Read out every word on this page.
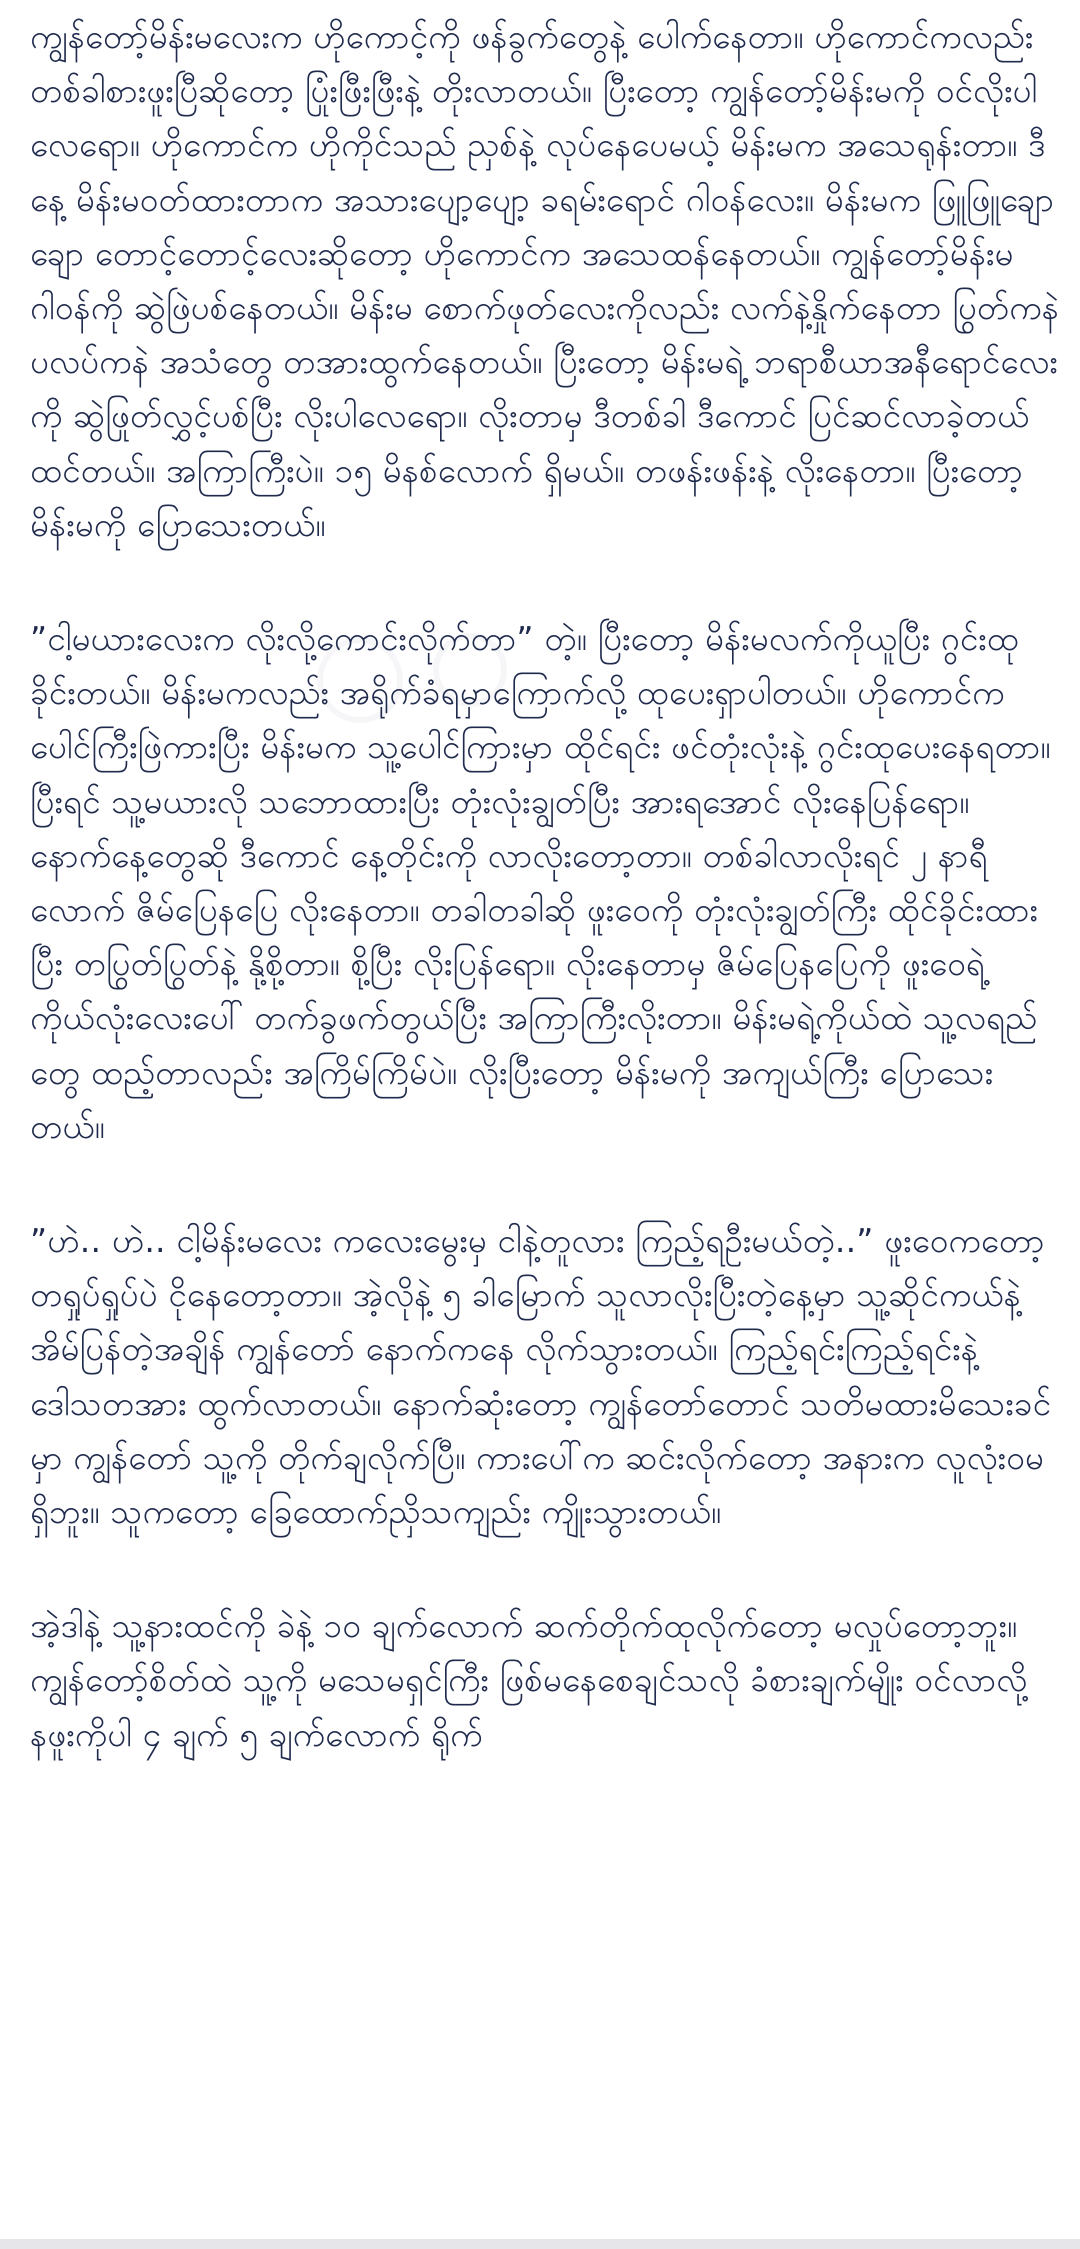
ကျွန်တော့်မိန်းမလေးက ဟိုကောင့်ကို ဖန်ခွက်တွေနဲ့ ပေါက်နေတာ။ ဟိုကောင်ကလည်း တစ်ခါစားဖူးပြီဆိုတော့ ပြုံးဖြီးဖြီးနဲ့ တိုးလာတယ်။ ပြီးတော့ ကျွန်တော့်မိန်းမကို ဝင်လိုးပါလေရော။ ဟိုကောင်က ဟိုကိုင်သည် ညှစ်နဲ့ လုပ်နေပေမယ့် မိန်းမက အသေရုန်းတာ။ ဒီနေ့ မိန်းမဝတ်ထားတာက အသားပျော့ပျော့ ခရမ်းရောင် ဂါဝန်လေး။ မိန်းမက ဖြူဖြူချောချော တောင့်တောင့်လေးဆိုတော့ ဟိုကောင်က အသေထန်နေတယ်။ ကျွန်တော့်မိန်းမ ဂါဝန်ကို ဆွဲဖြဲပစ်နေတယ်။ မိန်းမ စောက်ဖုတ်လေးကိုလည်း လက်နဲ့နှိုက်နေတာ ပြွတ်ကနဲ ပလပ်ကနဲ အသံတွေ တအားထွက်နေတယ်။ ပြီးတော့ မိန်းမရဲ့ ဘရာစီယာအနီရောင်လေးကို ဆွဲဖြုတ်လွှင့်ပစ်ပြီး လိုးပါလေရော။ လိုးတာမှ ဒီတစ်ခါ ဒီကောင် ပြင်ဆင်လာခဲ့တယ်ထင်တယ်။ အကြာကြီးပဲ။ ၁၅ မိနစ်လောက် ရှိမယ်။ တဖန်းဖန်းနဲ့ လိုးနေတာ။ ပြီးတော့ မိန်းမကို ပြောသေးတယ်။

”ငါ့မယားလေးက လိုးလို့ကောင်းလိုက်တာ” တဲ့။ ပြီးတော့ မိန်းမလက်ကိုယူပြီး ဂွင်းထုခိုင်းတယ်။ မိန်းမကလည်း အရိုက်ခံရမှာကြောက်လို့ ထုပေးရှာပါတယ်။ ဟိုကောင်က ပေါင်ကြီးဖြဲကားပြီး မိန်းမက သူ့ပေါင်ကြားမှာ ထိုင်ရင်း ဖင်တုံးလုံးနဲ့ ဂွင်းထုပေးနေရတာ။ ပြီးရင် သူ့မယားလို သဘောထားပြီး တုံးလုံးချွတ်ပြီး အားရအောင် လိုးနေပြန်ရော။ နောက်နေ့တွေဆို ဒီကောင် နေ့တိုင်းကို လာလိုးတော့တာ။ တစ်ခါလာလိုးရင် ၂ နာရီလောက် ဇိမ်ပြေနပြေ လိုးနေတာ။ တခါတခါဆို ဖူးဝေကို တုံးလုံးချွတ်ကြီး ထိုင်ခိုင်းထားပြီး တပြွတ်ပြွတ်နဲ့ နို့စို့တာ။ စို့ပြီး လိုးပြန်ရော။ လိုးနေတာမှ ဇိမ်ပြေနပြေကို ဖူးဝေရဲ့ ကိုယ်လုံးလေးပေါ် တက်ခွဖက်တွယ်ပြီး အကြာကြီးလိုးတာ။ မိန်းမရဲ့ကိုယ်ထဲ သူ့လရည်တွေ ထည့်တာလည်း အကြိမ်ကြိမ်ပဲ။ လိုးပြီးတော့ မိန်းမကို အကျယ်ကြီး ပြောသေးတယ်။

”ဟဲ.. ဟဲ.. ငါ့မိန်းမလေး ကလေးမွေးမှ ငါနဲ့တူလား ကြည့်ရဦးမယ်တဲ့..” ဖူးဝေကတော့ တရှုပ်ရှုပ်ပဲ ငိုနေတော့တာ။ အဲ့လိုနဲ့ ၅ ခါမြောက် သူလာလိုးပြီးတဲ့နေ့မှာ သူ့ဆိုင်ကယ်နဲ့ အိမ်ပြန်တဲ့အချိန် ကျွန်တော် နောက်ကနေ လိုက်သွားတယ်။ ကြည့်ရင်းကြည့်ရင်းနဲ့ ဒေါသတအား ထွက်လာတယ်။ နောက်ဆုံးတော့ ကျွန်တော်တောင် သတိမထားမိသေးခင်မှာ ကျွန်တော် သူ့ကို တိုက်ချလိုက်ပြီ။ ကားပေါ်က ဆင်းလိုက်တော့ အနားက လူလုံးဝမရှိဘူး။ သူကတော့ ခြေထောက်ညှိသကျည်း ကျိုးသွားတယ်။

အဲ့ဒါနဲ့ သူ့နားထင်ကို ခဲနဲ့ ၁၀ ချက်လောက် ဆက်တိုက်ထုလိုက်တော့ မလှုပ်တော့ဘူး။ ကျွန်တော့်စိတ်ထဲ သူ့ကို မသေမရှင်ကြီး ဖြစ်မနေစေချင်သလို ခံစားချက်မျိုး ဝင်လာလို့ နဖူးကိုပါ ၄ ချက် ၅ ချက်လောက် ရိုက်
